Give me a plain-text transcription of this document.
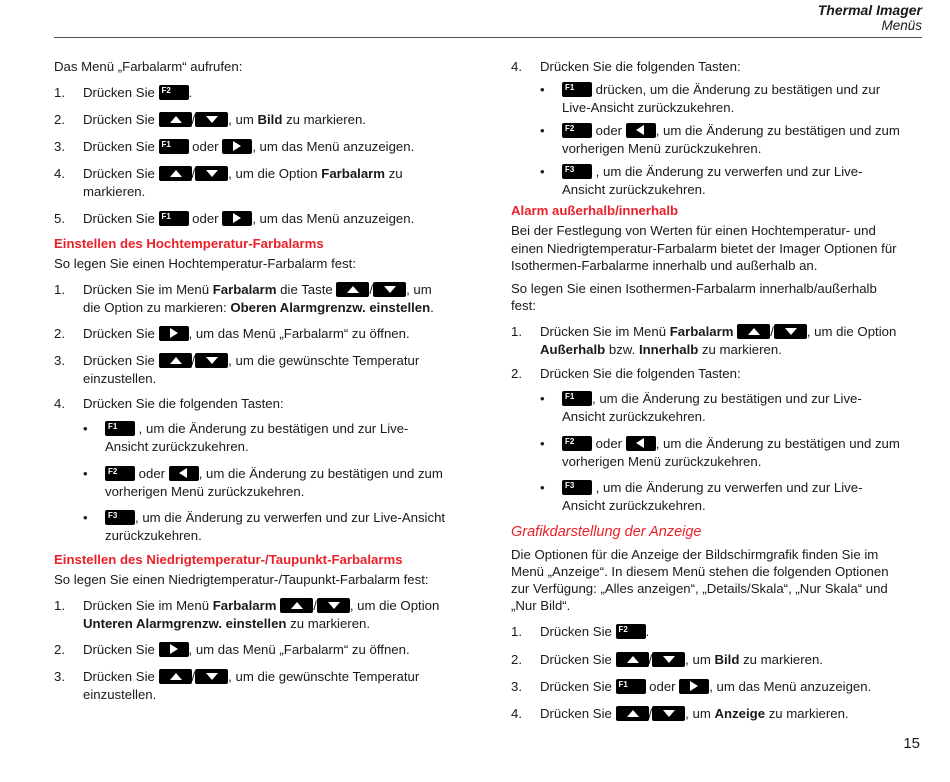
Thermal Imager
Menüs
Das Menü „Farbalarm“ aufrufen:
1. Drücken Sie F2 .
2. Drücken Sie	/	, um Bild zu markieren.
3. Drücken Sie F1 oder , um das Menü anzuzeigen.
4. Drücken Sie	/	, um die Option Farbalarm zu
markieren.
5. Drücken Sie F1 oder , um das Menü anzuzeigen.
Einstellen des Hochtemperatur-Farbalarms
So legen Sie einen Hochtemperatur-Farbalarm fest:
1. Drücken Sie im Menü Farbalarm die Taste	/	, um
die Option zu markieren: Oberen Alarmgrenzw. einstellen.
2. Drücken Sie , um das Menü „Farbalarm“ zu öffnen.
3. Drücken Sie	/	, um die gewünschte Temperatur
einzustellen.
4. Drücken Sie die folgenden Tasten:
•	F1 , um die Änderung zu bestätigen und zur Live-
Ansicht zurückzukehren.
•	F2 oder , um die Änderung zu bestätigen und zum
vorherigen Menü zurückzukehren.
•	F3 , um die Änderung zu verwerfen und zur Live-Ansicht
zurückzukehren.
Einstellen des Niedrigtemperatur-/Taupunkt-Farbalarms
So legen Sie einen Niedrigtemperatur-/Taupunkt-Farbalarm fest:
1. Drücken Sie im Menü Farbalarm	/	, um die Option
Unteren Alarmgrenzw. einstellen zu markieren.
2. Drücken Sie , um das Menü „Farbalarm“ zu öffnen.
3. Drücken Sie	/	, um die gewünschte Temperatur
einzustellen.
4. Drücken Sie die folgenden Tasten:
•	F1 drücken, um die Änderung zu bestätigen und zur
Live-Ansicht zurückzukehren.
•	F2 oder , um die Änderung zu bestätigen und zum
vorherigen Menü zurückzukehren.
•	F3 , um die Änderung zu verwerfen und zur Live-
Ansicht zurückzukehren.
Alarm außerhalb/innerhalb
Bei der Festlegung von Werten für einen Hochtemperatur- und
einen Niedrigtemperatur-Farbalarm bietet der Imager Optionen für
Isothermen-Farbalarme innerhalb und außerhalb an.
So legen Sie einen Isothermen-Farbalarm innerhalb/außerhalb
fest:
1. Drücken Sie im Menü Farbalarm	/	, um die Option
Außerhalb bzw. Innerhalb zu markieren.
2. Drücken Sie die folgenden Tasten:
•	F1 , um die Änderung zu bestätigen und zur Live-
Ansicht zurückzukehren.
•	F2 oder , um die Änderung zu bestätigen und zum
vorherigen Menü zurückzukehren.
•	F3 , um die Änderung zu verwerfen und zur Live-
Ansicht zurückzukehren.
Grafikdarstellung der Anzeige
Die Optionen für die Anzeige der Bildschirmgrafik finden Sie im
Menü „Anzeige“. In diesem Menü stehen die folgenden Optionen
zur Verfügung: „Alles anzeigen“, „Details/Skala“, „Nur Skala“ und
„Nur Bild“.
1. Drücken Sie F2 .
2. Drücken Sie	/	, um Bild zu markieren.
3. Drücken Sie F1 oder , um das Menü anzuzeigen.
4. Drücken Sie	/	, um Anzeige zu markieren.
15
